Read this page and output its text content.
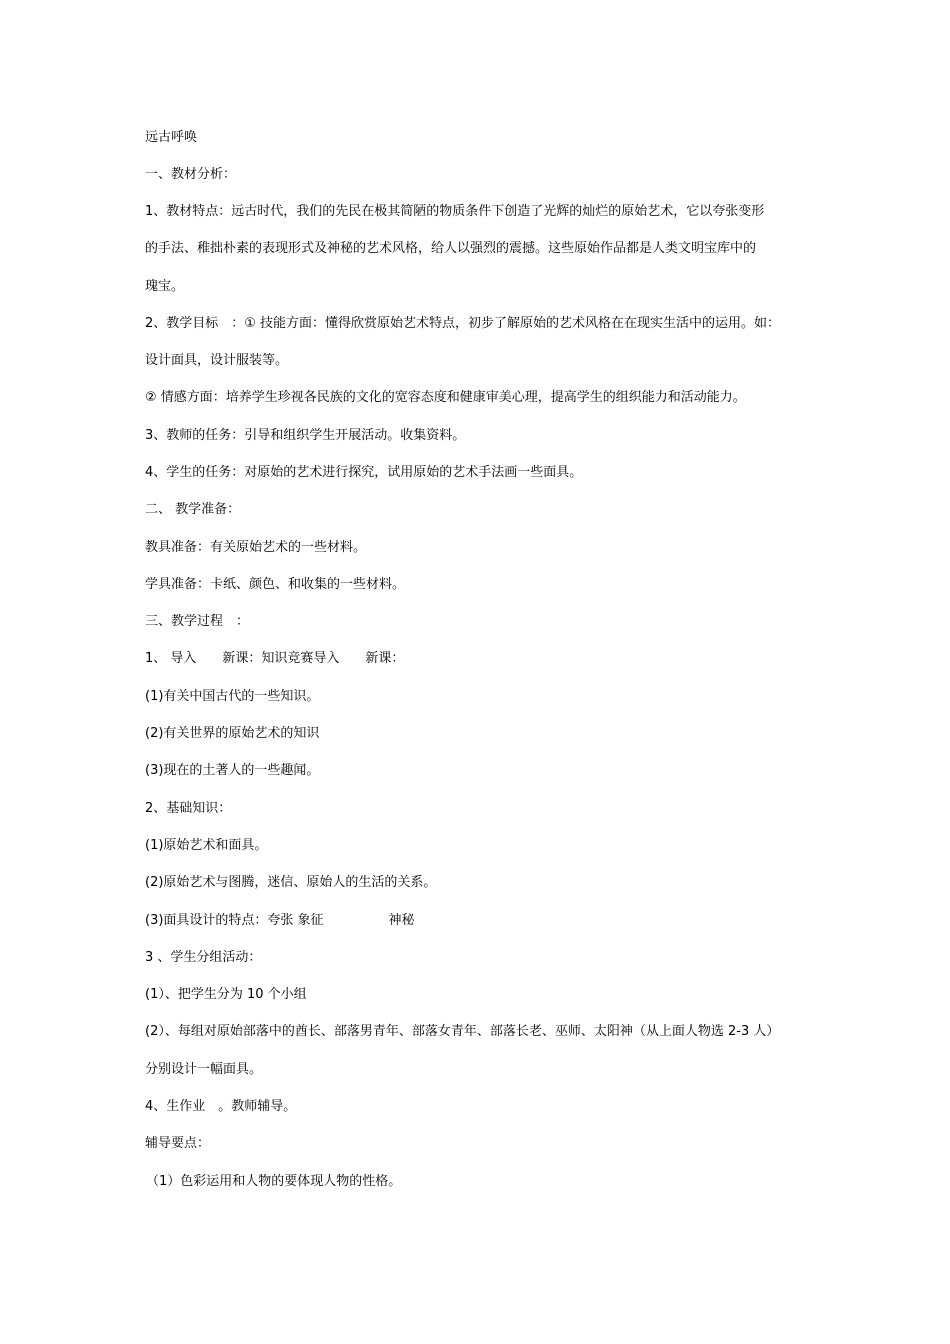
远古呼唤
一、教材分析：
1、教材特点：远古时代，我们的先民在极其简陋的物质条件下创造了光辉的灿烂的原始艺术，它以夸张变形
的手法、稚拙朴素的表现形式及神秘的艺术风格，给人以强烈的震撼。这些原始作品都是人类文明宝库中的
瑰宝。
2、教学目标　：① 技能方面：懂得欣赏原始艺术特点，初步了解原始的艺术风格在在现实生活中的运用。如：
设计面具，设计服装等。
② 情感方面：培养学生珍视各民族的文化的宽容态度和健康审美心理，提高学生的组织能力和活动能力。
3、教师的任务：引导和组织学生开展活动。收集资料。
4、学生的任务：对原始的艺术进行探究，试用原始的艺术手法画一些面具。
二、 教学准备：
教具准备：有关原始艺术的一些材料。
学具准备：卡纸、颜色、和收集的一些材料。
三、教学过程　：
1、 导入　　新课：知识竞赛导入　　新课：
(1)有关中国古代的一些知识。
(2)有关世界的原始艺术的知识
(3)现在的土著人的一些趣闻。
2、基础知识：
(1)原始艺术和面具。
(2)原始艺术与图腾，迷信、原始人的生活的关系。
(3)面具设计的特点：夸张 象征　　　　　神秘
3 、学生分组活动：
(1）、把学生分为 10 个小组
(2）、每组对原始部落中的酋长、部落男青年、部落女青年、部落长老、巫师、太阳神（从上面人物选 2-3 人）
分别设计一幅面具。
4、生作业　。教师辅导。
辅导要点：
（1）色彩运用和人物的要体现人物的性格。
